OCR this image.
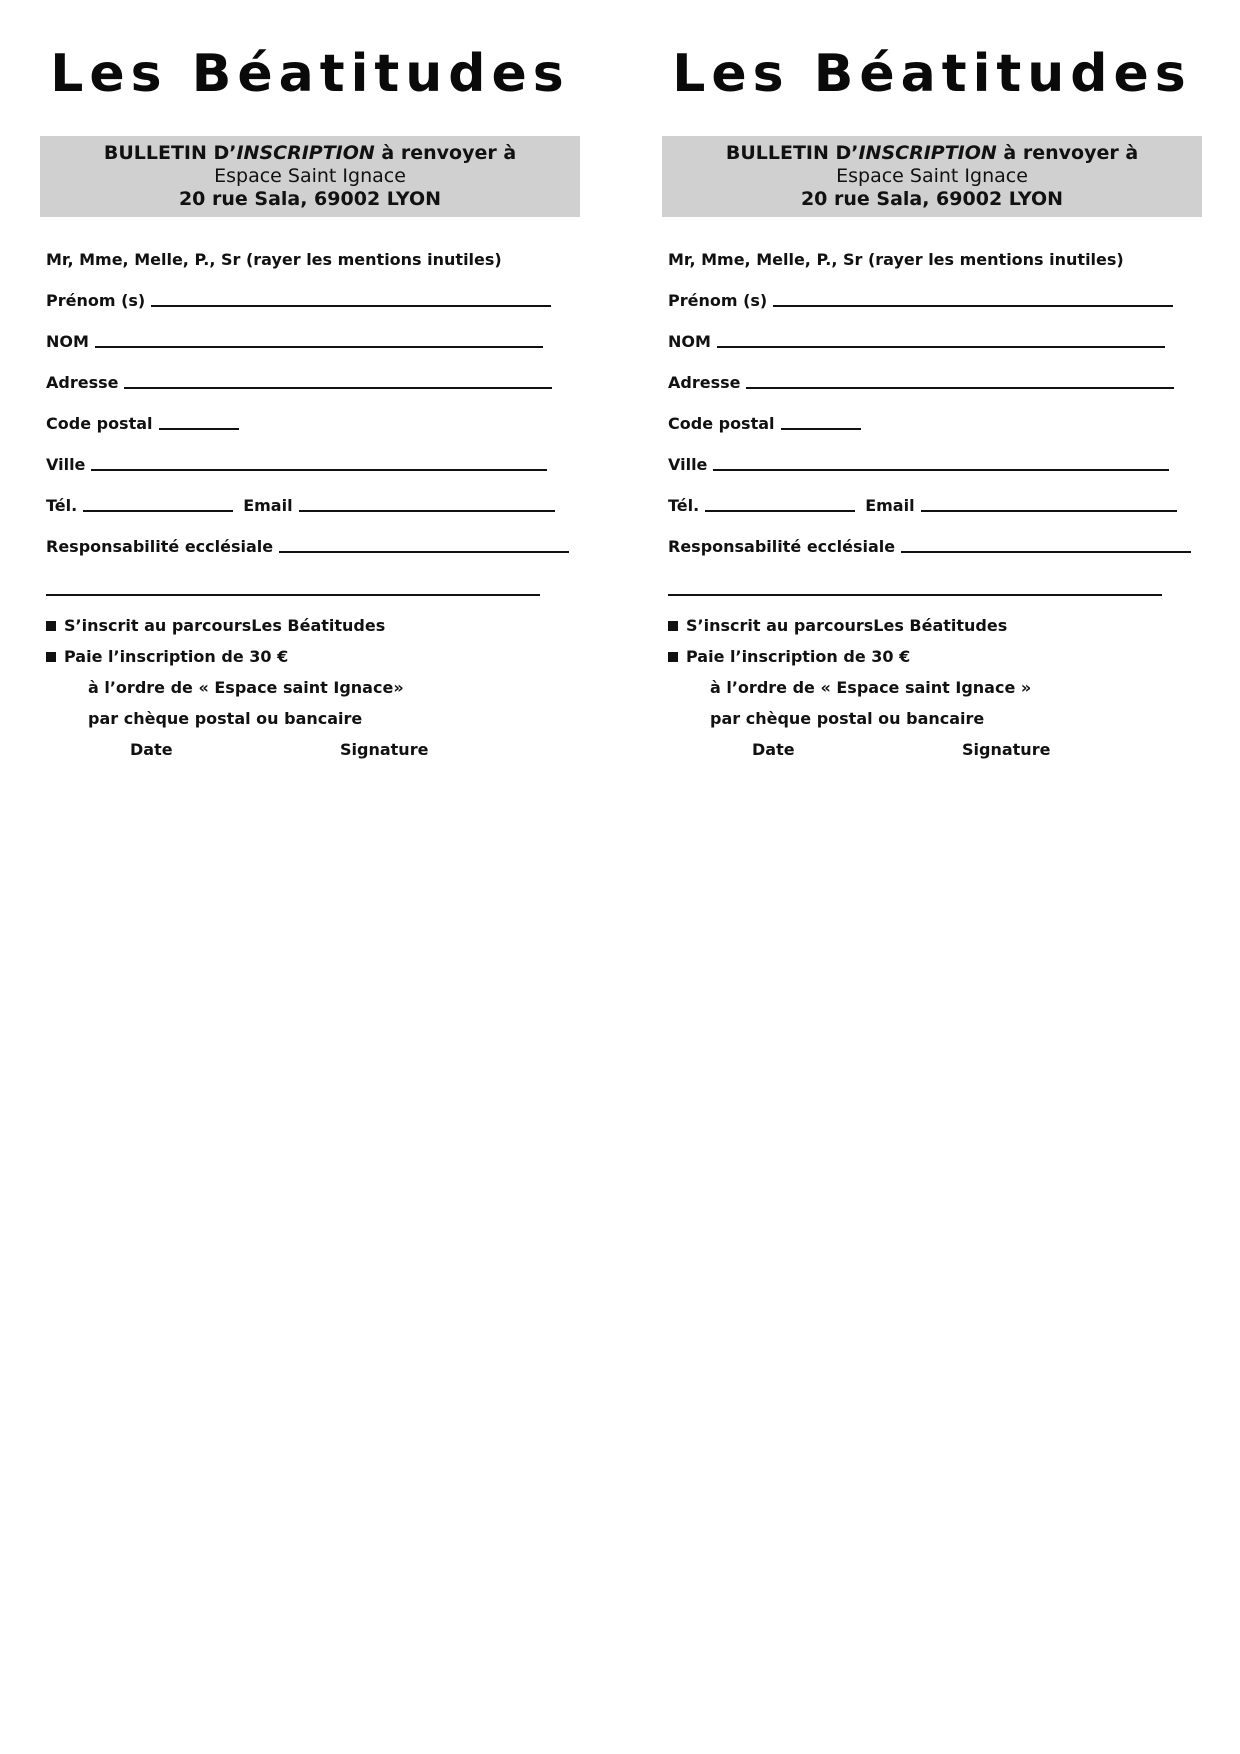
Les Béatitudes
BULLETIN D’INSCRIPTION à renvoyer à
Espace Saint Ignace
20 rue Sala, 69002 LYON
Mr, Mme, Melle, P., Sr (rayer les mentions inutiles)
Prénom (s)
NOM
Adresse
Code postal
Ville
Tél.	Email
Responsabilité ecclésiale
S’inscrit au parcours Les Béatitudes
Paie l’inscription de 30 €
à l’ordre de « Espace saint Ignace»
par chèque postal ou bancaire
Date	Signature
Les Béatitudes
BULLETIN D’INSCRIPTION à renvoyer à
Espace Saint Ignace
20 rue Sala, 69002 LYON
Mr, Mme, Melle, P., Sr (rayer les mentions inutiles)
Prénom (s)
NOM
Adresse
Code postal
Ville
Tél.	Email
Responsabilité ecclésiale
S’inscrit au parcours Les Béatitudes
Paie l’inscription de 30 €
à l’ordre de « Espace saint Ignace »
par chèque postal ou bancaire
Date	Signature
